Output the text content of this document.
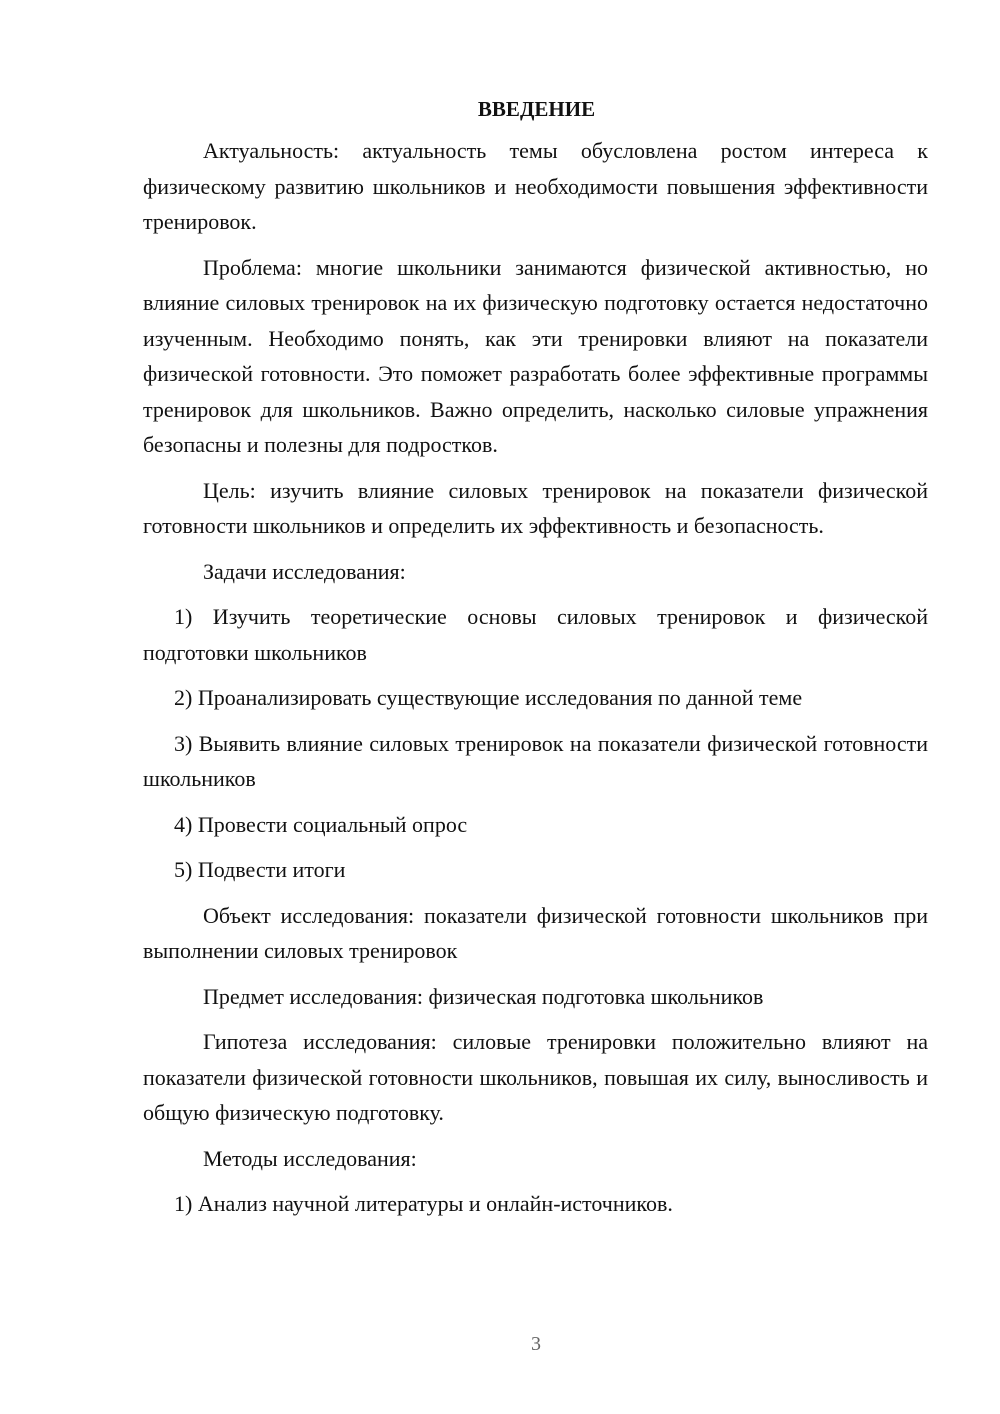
ВВЕДЕНИЕ

Актуальность: актуальность темы обусловлена ростом интереса к физическому развитию школьников и необходимости повышения эффективности тренировок.

Проблема: многие школьники занимаются физической активностью, но влияние силовых тренировок на их физическую подготовку остается недостаточно изученным. Необходимо понять, как эти тренировки влияют на показатели физической готовности. Это поможет разработать более эффективные программы тренировок для школьников. Важно определить, насколько силовые упражнения безопасны и полезны для подростков.

Цель: изучить влияние силовых тренировок на показатели физической готовности школьников и определить их эффективность и безопасность.

Задачи исследования:

1) Изучить теоретические основы силовых тренировок и физической подготовки школьников

2) Проанализировать существующие исследования по данной теме

3) Выявить влияние силовых тренировок на показатели физической готовности школьников

4) Провести социальный опрос

5) Подвести итоги

Объект исследования: показатели физической готовности школьников при выполнении силовых тренировок

Предмет исследования: физическая подготовка школьников

Гипотеза исследования: силовые тренировки положительно влияют на показатели физической готовности школьников, повышая их силу, выносливость и общую физическую подготовку.

Методы исследования:

1) Анализ научной литературы и онлайн-источников.

3
